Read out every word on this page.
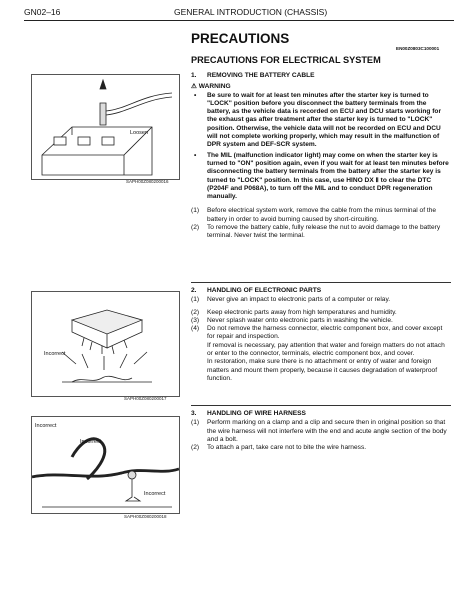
GN02–16	GENERAL INTRODUCTION (CHASSIS)
Loosen
SAPH00Z080200016
Incorrect
SAPH00Z080200017
Incorrect
Incorrect
Incorrect
SAPH00Z080200018
PRECAUTIONS
EN00Z0803C100001
PRECAUTIONS FOR ELECTRICAL SYSTEM
1. REMOVING THE BATTERY CABLE
⚠ WARNING
•	Be sure to wait for at least ten minutes after the starter key is turned to "LOCK" position before you disconnect the battery terminals from the battery, as the vehicle data is recorded on ECU and DCU starts working for the exhaust gas after treatment after the starter key is turned to "LOCK" position. Otherwise, the vehicle data will not be recorded on ECU and DCU will not complete working properly, which may result in the malfunction of DPR system and DEF-SCR system.
•	The MIL (malfunction indicator light) may come on when the starter key is turned to "ON" position again, even if you wait for at least ten minutes before disconnecting the battery terminals from the battery after the starter key is turned to "LOCK" position. In this case, use HINO DX Ⅱ to clear the DTC (P204F and P068A), to turn off the MIL and to conduct DPR regeneration manually.
(1)	Before electrical system work, remove the cable from the minus terminal of the battery in order to avoid burning caused by short-circuiting.
(2)	To remove the battery cable, fully release the nut to avoid damage to the battery terminal. Never twist the terminal.
2. HANDLING OF ELECTRONIC PARTS
(1)	Never give an impact to electronic parts of a computer or relay.
(2)	Keep electronic parts away from high temperatures and humidity.
(3)	Never splash water onto electronic parts in washing the vehicle.
(4)	Do not remove the harness connector, electric component box, and cover except for repair and inspection.
If removal is necessary, pay attention that water and foreign matters do not attach or enter to the connector, terminals, electric component box, and cover.
In restoration, make sure there is no attachment or entry of water and foreign matters and mount them properly, because it causes degradation of waterproof function.
3. HANDLING OF WIRE HARNESS
(1)	Perform marking on a clamp and a clip and secure then in original position so that the wire harness will not interfere with the end and acute angle section of the body and a bolt.
(2)	To attach a part, take care not to bite the wire harness.
